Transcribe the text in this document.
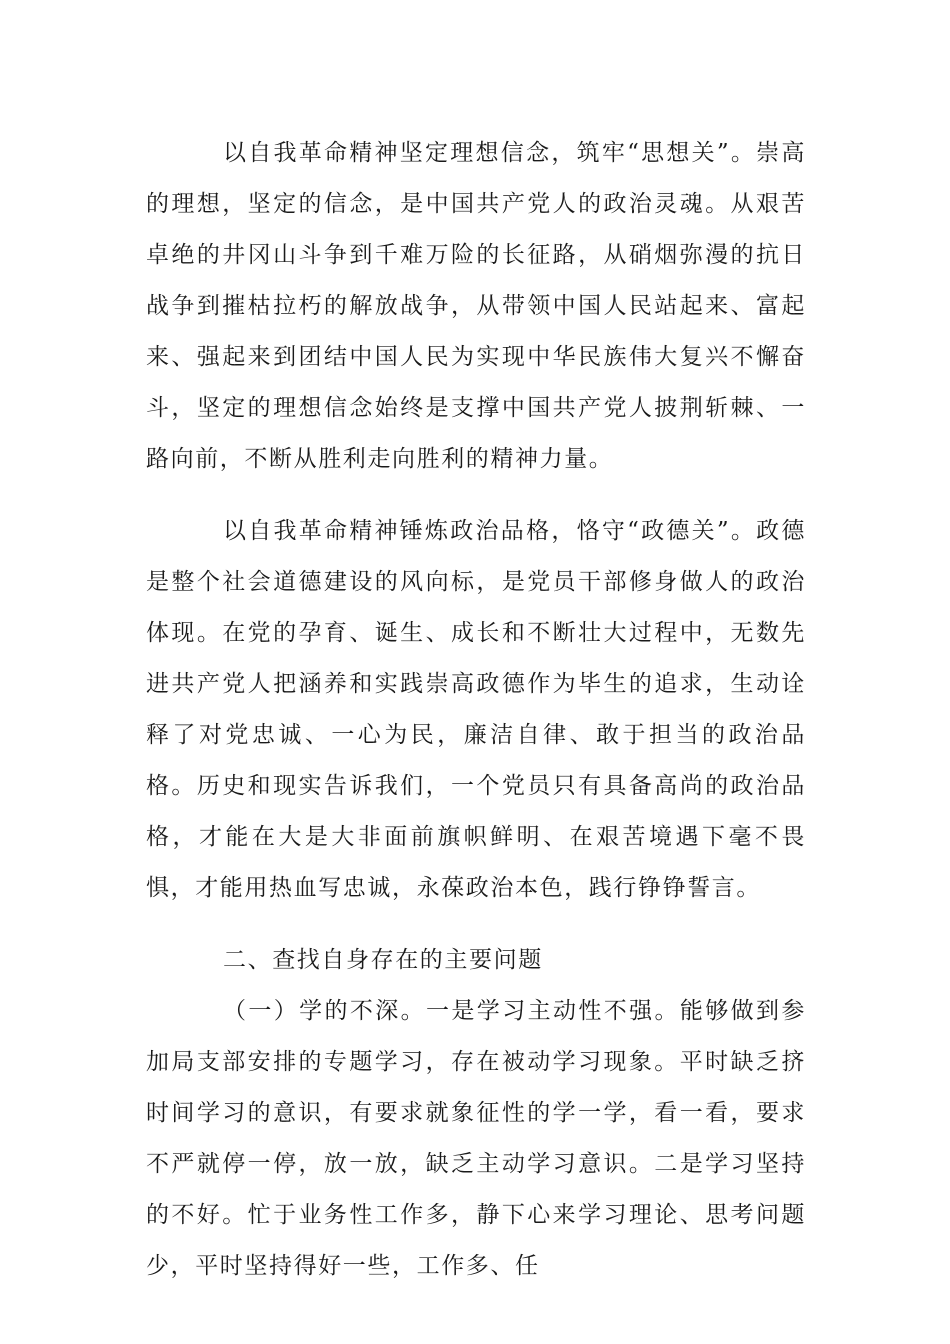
以自我革命精神坚定理想信念，筑牢“思想关”。崇高的理想，坚定的信念，是中国共产党人的政治灵魂。从艰苦卓绝的井冈山斗争到千难万险的长征路，从硝烟弥漫的抗日战争到摧枯拉朽的解放战争，从带领中国人民站起来、富起来、强起来到团结中国人民为实现中华民族伟大复兴不懈奋斗，坚定的理想信念始终是支撑中国共产党人披荆斩棘、一路向前，不断从胜利走向胜利的精神力量。

以自我革命精神锤炼政治品格，恪守“政德关”。政德是整个社会道德建设的风向标，是党员干部修身做人的政治体现。在党的孕育、诞生、成长和不断壮大过程中，无数先进共产党人把涵养和实践崇高政德作为毕生的追求，生动诠释了对党忠诚、一心为民，廉洁自律、敢于担当的政治品格。历史和现实告诉我们，一个党员只有具备高尚的政治品格，才能在大是大非面前旗帜鲜明、在艰苦境遇下毫不畏惧，才能用热血写忠诚，永葆政治本色，践行铮铮誓言。

二、查找自身存在的主要问题

（一）学的不深。一是学习主动性不强。能够做到参加局支部安排的专题学习，存在被动学习现象。平时缺乏挤时间学习的意识，有要求就象征性的学一学，看一看，要求不严就停一停，放一放，缺乏主动学习意识。二是学习坚持的不好。忙于业务性工作多，静下心来学习理论、思考问题少，平时坚持得好一些，工作多、任
